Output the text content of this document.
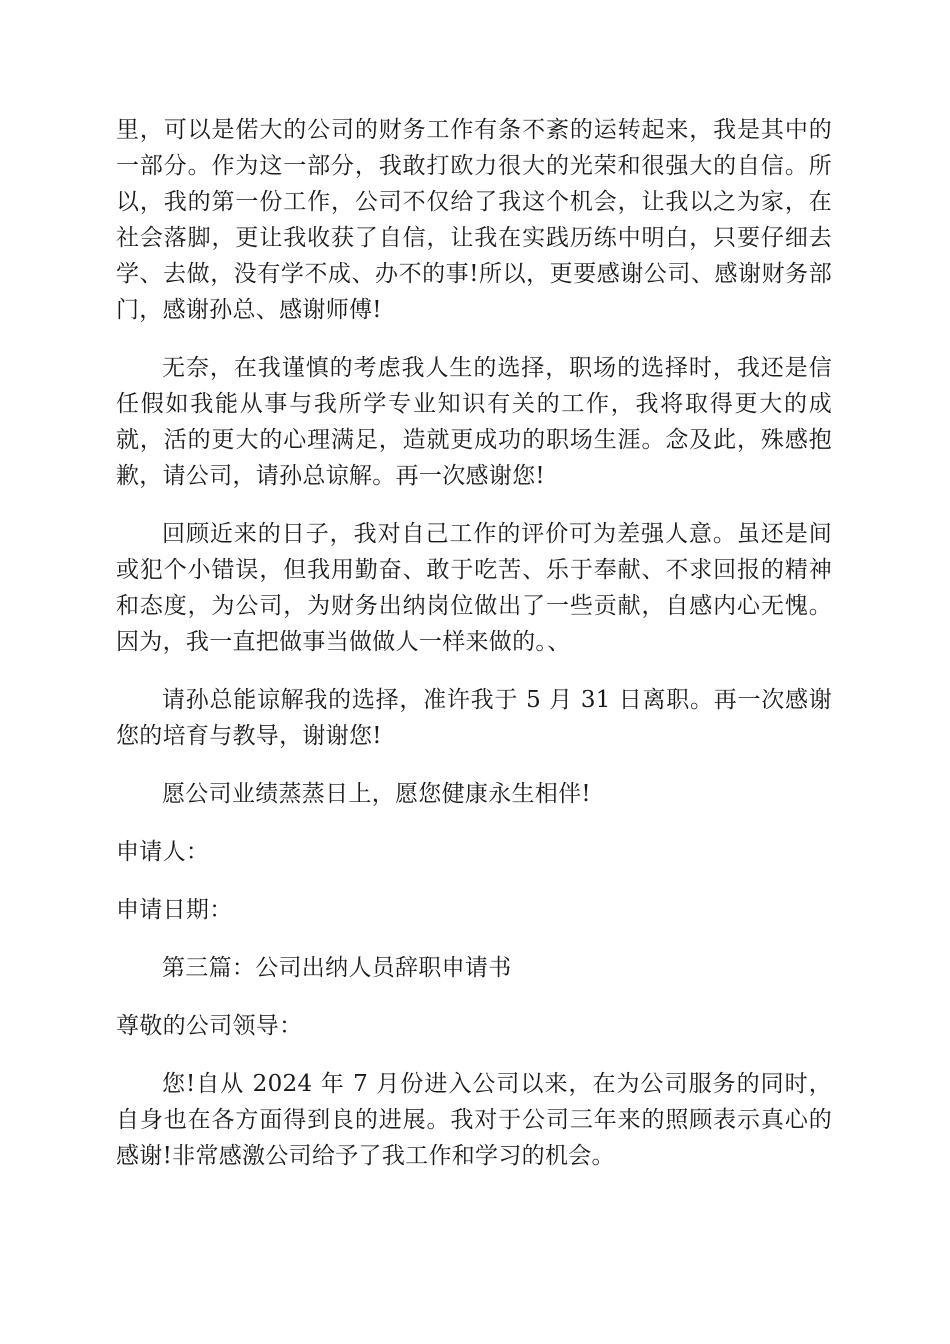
里，可以是偌大的公司的财务工作有条不紊的运转起来，我是其中的一部分。作为这一部分，我敢打欧力很大的光荣和很强大的自信。所以，我的第一份工作，公司不仅给了我这个机会，让我以之为家，在社会落脚，更让我收获了自信，让我在实践历练中明白，只要仔细去学、去做，没有学不成、办不的事!所以，更要感谢公司、感谢财务部门，感谢孙总、感谢师傅!

无奈，在我谨慎的考虑我人生的选择，职场的选择时，我还是信任假如我能从事与我所学专业知识有关的工作，我将取得更大的成就，活的更大的心理满足，造就更成功的职场生涯。念及此，殊感抱歉，请公司，请孙总谅解。再一次感谢您!

回顾近来的日子，我对自己工作的评价可为差强人意。虽还是间或犯个小错误，但我用勤奋、敢于吃苦、乐于奉献、不求回报的精神和态度，为公司，为财务出纳岗位做出了一些贡献，自感内心无愧。因为，我一直把做事当做做人一样来做的。、

请孙总能谅解我的选择，准许我于 5 月 31 日离职。再一次感谢您的培育与教导，谢谢您!

愿公司业绩蒸蒸日上，愿您健康永生相伴!

申请人：

申请日期：

第三篇：公司出纳人员辞职申请书

尊敬的公司领导：

您!自从 2024 年 7 月份进入公司以来，在为公司服务的同时，自身也在各方面得到良的进展。我对于公司三年来的照顾表示真心的感谢!非常感激公司给予了我工作和学习的机会。
